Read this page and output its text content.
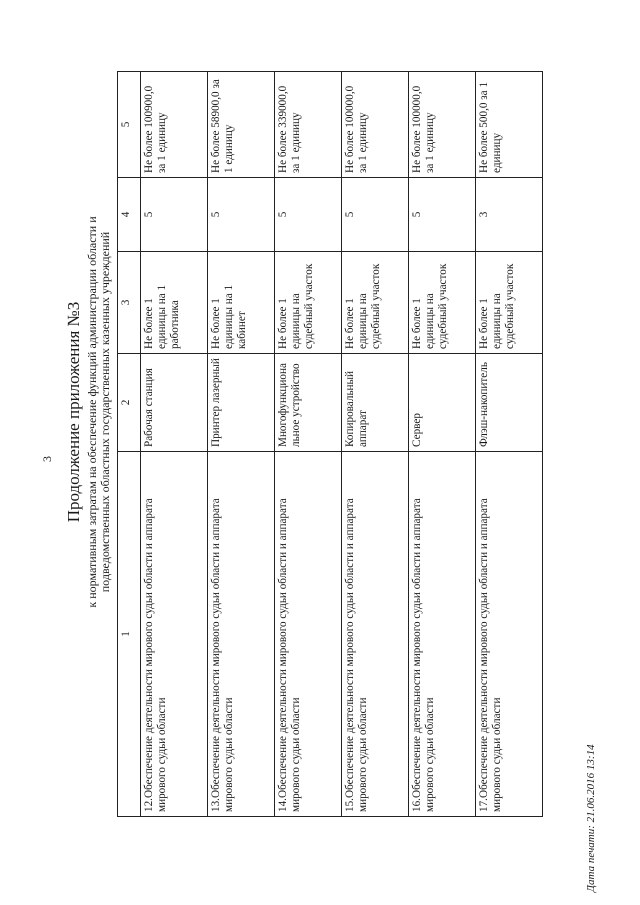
3 Продолжение приложения №3 к нормативным затратам на обеспечение функций администрации области и подведомственных областных государственных казенных учреждений
1	2	3	4	5
12.Обеспечение деятельности мирового судьи области и аппарата мирового судьи области	Рабочая станция	Не более 1 единицы на 1 работника	5	Не более 100900,0 за 1 единицу
13.Обеспечение деятельности мирового судьи области и аппарата мирового судьи области	Принтер лазерный	Не более 1 единицы на 1 кабинет	5	Не более 58900,0 за 1 единицу
14.Обеспечение деятельности мирового судьи области и аппарата мирового судьи области	Многофункциональное устройство	Не более 1 единицы на судебный участок	5	Не более 339000,0 за 1 единицу
15.Обеспечение деятельности мирового судьи области и аппарата мирового судьи области	Копировальный аппарат	Не более 1 единицы на судебный участок	5	Не более 100000,0 за 1 единицу
16.Обеспечение деятельности мирового судьи области и аппарата мирового судьи области	Сервер	Не более 1 единицы на судебный участок	5	Не более 100000,0 за 1 единицу
17.Обеспечение деятельности мирового судьи области и аппарата мирового судьи области	Флэш-накопитель	Не более 1 единицы на судебный участок	3	Не более 500,0 за 1 единицу
Дата печати: 21.06.2016 13:14
